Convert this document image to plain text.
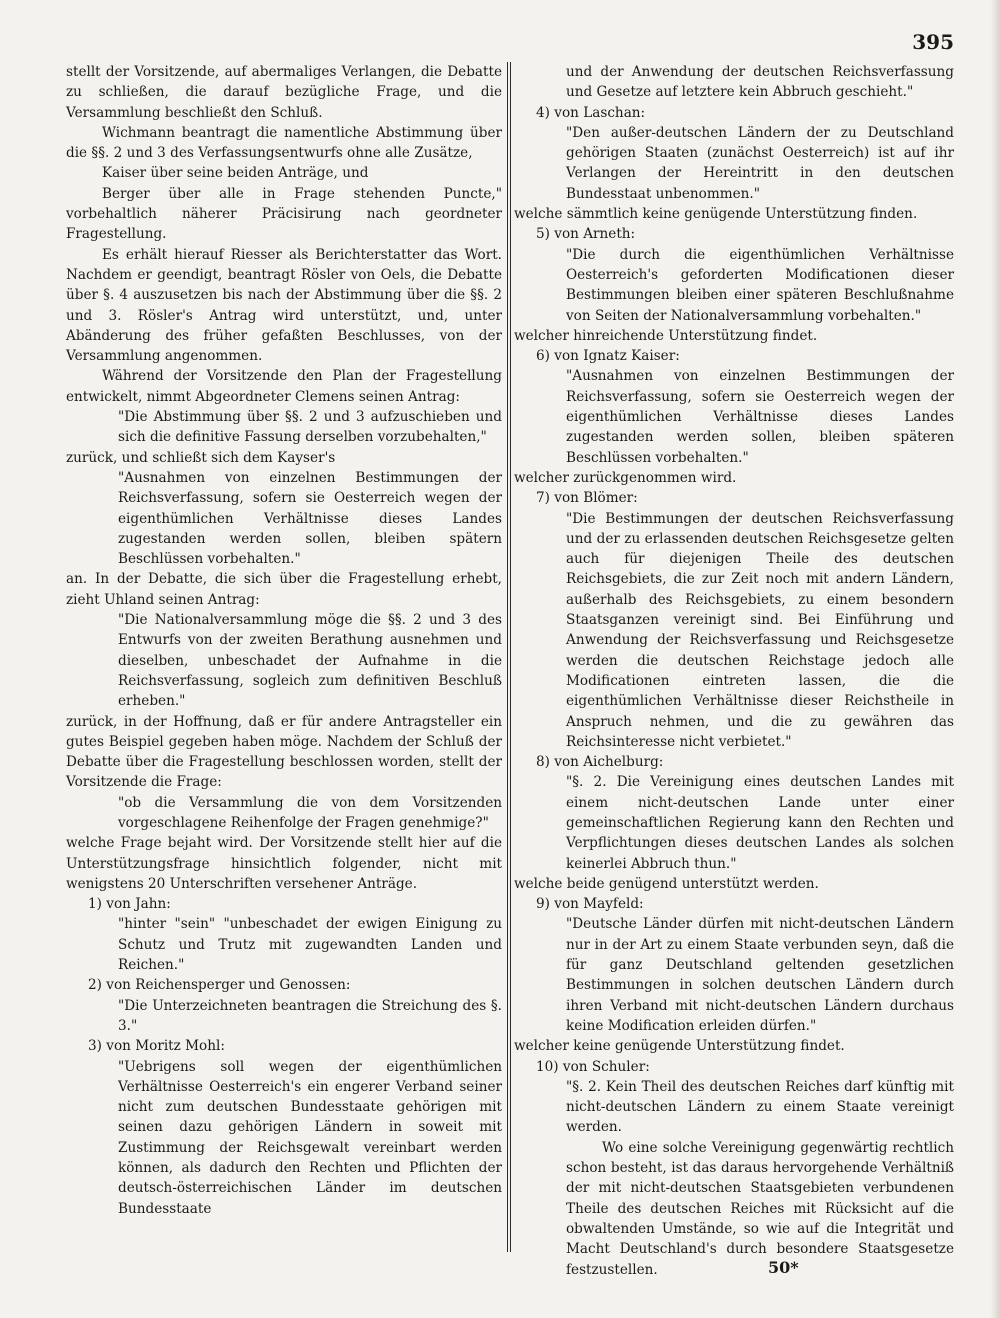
395

stellt der Vorsitzende, auf abermaliges Verlangen, die Debatte zu schließen, die darauf bezügliche Frage, und die Versammlung beschließt den Schluß.

Wichmann beantragt die namentliche Abstimmung über die §§. 2 und 3 des Verfassungsentwurfs ohne alle Zusätze,

Kaiser über seine beiden Anträge, und

Berger über alle in Frage stehenden Puncte," vorbehaltlich näherer Präcisirung nach geordneter Fragestellung.

Es erhält hierauf Riesser als Berichterstatter das Wort. Nachdem er geendigt, beantragt Rösler von Oels, die Debatte über §. 4 auszusetzen bis nach der Abstimmung über die §§. 2 und 3. Rösler's Antrag wird unterstützt, und, unter Abänderung des früher gefaßten Beschlusses, von der Versammlung angenommen.

Während der Vorsitzende den Plan der Fragestellung entwickelt, nimmt Abgeordneter Clemens seinen Antrag:

"Die Abstimmung über §§. 2 und 3 aufzuschieben und sich die definitive Fassung derselben vorzubehalten,"

zurück, und schließt sich dem Kayser's

"Ausnahmen von einzelnen Bestimmungen der Reichsverfassung, sofern sie Oesterreich wegen der eigenthümlichen Verhältnisse dieses Landes zugestanden werden sollen, bleiben spätern Beschlüssen vorbehalten."

an. In der Debatte, die sich über die Fragestellung erhebt, zieht Uhland seinen Antrag:

"Die Nationalversammlung möge die §§. 2 und 3 des Entwurfs von der zweiten Berathung ausnehmen und dieselben, unbeschadet der Aufnahme in die Reichsverfassung, sogleich zum definitiven Beschluß erheben."

zurück, in der Hoffnung, daß er für andere Antragsteller ein gutes Beispiel gegeben haben möge. Nachdem der Schluß der Debatte über die Fragestellung beschlossen worden, stellt der Vorsitzende die Frage:

"ob die Versammlung die von dem Vorsitzenden vorgeschlagene Reihenfolge der Fragen genehmige?"

welche Frage bejaht wird. Der Vorsitzende stellt hier auf die Unterstützungsfrage hinsichtlich folgender, nicht mit wenigstens 20 Unterschriften versehener Anträge.

1) von Jahn:

"hinter "sein" "unbeschadet der ewigen Einigung zu Schutz und Trutz mit zugewandten Landen und Reichen."

2) von Reichensperger und Genossen:

"Die Unterzeichneten beantragen die Streichung des §. 3."

3) von Moritz Mohl:

"Uebrigens soll wegen der eigenthümlichen Verhältnisse Oesterreich's ein engerer Verband seiner nicht zum deutschen Bundesstaate gehörigen mit seinen dazu gehörigen Ländern in soweit mit Zustimmung der Reichsgewalt vereinbart werden können, als dadurch den Rechten und Pflichten der deutsch-österreichischen Länder im deutschen Bundesstaate

und der Anwendung der deutschen Reichsverfassung und Gesetze auf letztere kein Abbruch geschieht."

4) von Laschan:

"Den außer-deutschen Ländern der zu Deutschland gehörigen Staaten (zunächst Oesterreich) ist auf ihr Verlangen der Hereintritt in den deutschen Bundesstaat unbenommen."

welche sämmtlich keine genügende Unterstützung finden.

5) von Arneth:

"Die durch die eigenthümlichen Verhältnisse Oesterreich's geforderten Modificationen dieser Bestimmungen bleiben einer späteren Beschlußnahme von Seiten der Nationalversammlung vorbehalten."

welcher hinreichende Unterstützung findet.

6) von Ignatz Kaiser:

"Ausnahmen von einzelnen Bestimmungen der Reichsverfassung, sofern sie Oesterreich wegen der eigenthümlichen Verhältnisse dieses Landes zugestanden werden sollen, bleiben späteren Beschlüssen vorbehalten."

welcher zurückgenommen wird.

7) von Blömer:

"Die Bestimmungen der deutschen Reichsverfassung und der zu erlassenden deutschen Reichsgesetze gelten auch für diejenigen Theile des deutschen Reichsgebiets, die zur Zeit noch mit andern Ländern, außerhalb des Reichsgebiets, zu einem besondern Staatsganzen vereinigt sind. Bei Einführung und Anwendung der Reichsverfassung und Reichsgesetze werden die deutschen Reichstage jedoch alle Modificationen eintreten lassen, die die eigenthümlichen Verhältnisse dieser Reichstheile in Anspruch nehmen, und die zu gewähren das Reichsinteresse nicht verbietet."

8) von Aichelburg:

"§. 2. Die Vereinigung eines deutschen Landes mit einem nicht-deutschen Lande unter einer gemeinschaftlichen Regierung kann den Rechten und Verpflichtungen dieses deutschen Landes als solchen keinerlei Abbruch thun."

welche beide genügend unterstützt werden.

9) von Mayfeld:

"Deutsche Länder dürfen mit nicht-deutschen Ländern nur in der Art zu einem Staate verbunden seyn, daß die für ganz Deutschland geltenden gesetzlichen Bestimmungen in solchen deutschen Ländern durch ihren Verband mit nicht-deutschen Ländern durchaus keine Modification erleiden dürfen."

welcher keine genügende Unterstützung findet.

10) von Schuler:

"§. 2. Kein Theil des deutschen Reiches darf künftig mit nicht-deutschen Ländern zu einem Staate vereinigt werden.

Wo eine solche Vereinigung gegenwärtig rechtlich schon besteht, ist das daraus hervorgehende Verhältniß der mit nicht-deutschen Staatsgebieten verbundenen Theile des deutschen Reiches mit Rücksicht auf die obwaltenden Umstände, so wie auf die Integrität und Macht Deutschland's durch besondere Staatsgesetze festzustellen.	50*
